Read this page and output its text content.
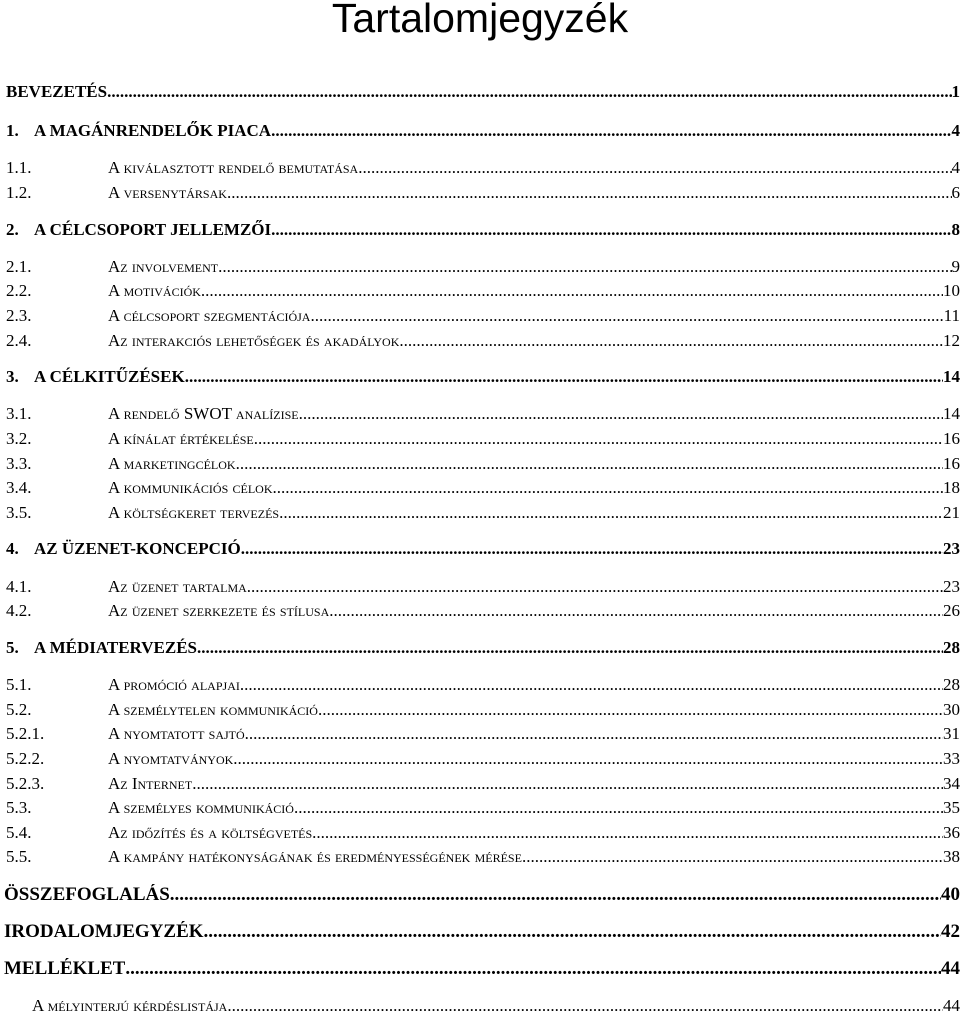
Tartalomjegyzék
BEVEZETÉS .....	1
1. A MAGÁNRENDELŐK PIACA .....	4
1.1.	A kiválasztott rendelő bemutatása .....	4
1.2.	A versenytársak .....	6
2. A CÉLCSOPORT JELLEMZŐI .....	8
2.1.	Az involvement .....	9
2.2.	A motivációk .....	10
2.3.	A célcsoport szegmentációja .....	11
2.4.	Az interakciós lehetőségek és akadályok .....	12
3. A CÉLKITŰZÉSEK .....	14
3.1.	A rendelő SWOT analízise .....	14
3.2.	A kínálat értékelése .....	16
3.3.	A marketingcélok .....	16
3.4.	A kommunikációs célok .....	18
3.5.	A költségkeret tervezés .....	21
4. AZ ÜZENET-KONCEPCIÓ .....	23
4.1.	Az üzenet tartalma .....	23
4.2.	Az üzenet szerkezete és stílusa .....	26
5. A MÉDIATERVEZÉS .....	28
5.1.	A promóció alapjai .....	28
5.2.	A személytelen kommunikáció .....	30
5.2.1.	A nyomtatott sajtó .....	31
5.2.2.	A nyomtatványok .....	33
5.2.3.	Az Internet .....	34
5.3.	A személyes kommunikáció .....	35
5.4.	Az időzítés és a költségvetés .....	36
5.5.	A kampány hatékonyságának és eredményességének mérése .....	38
ÖSSZEFOGLALÁS .....	40
IRODALOMJEGYZÉK .....	42
MELLÉKLET .....	44
A mélyinterjú kérdéslistája .....	44
